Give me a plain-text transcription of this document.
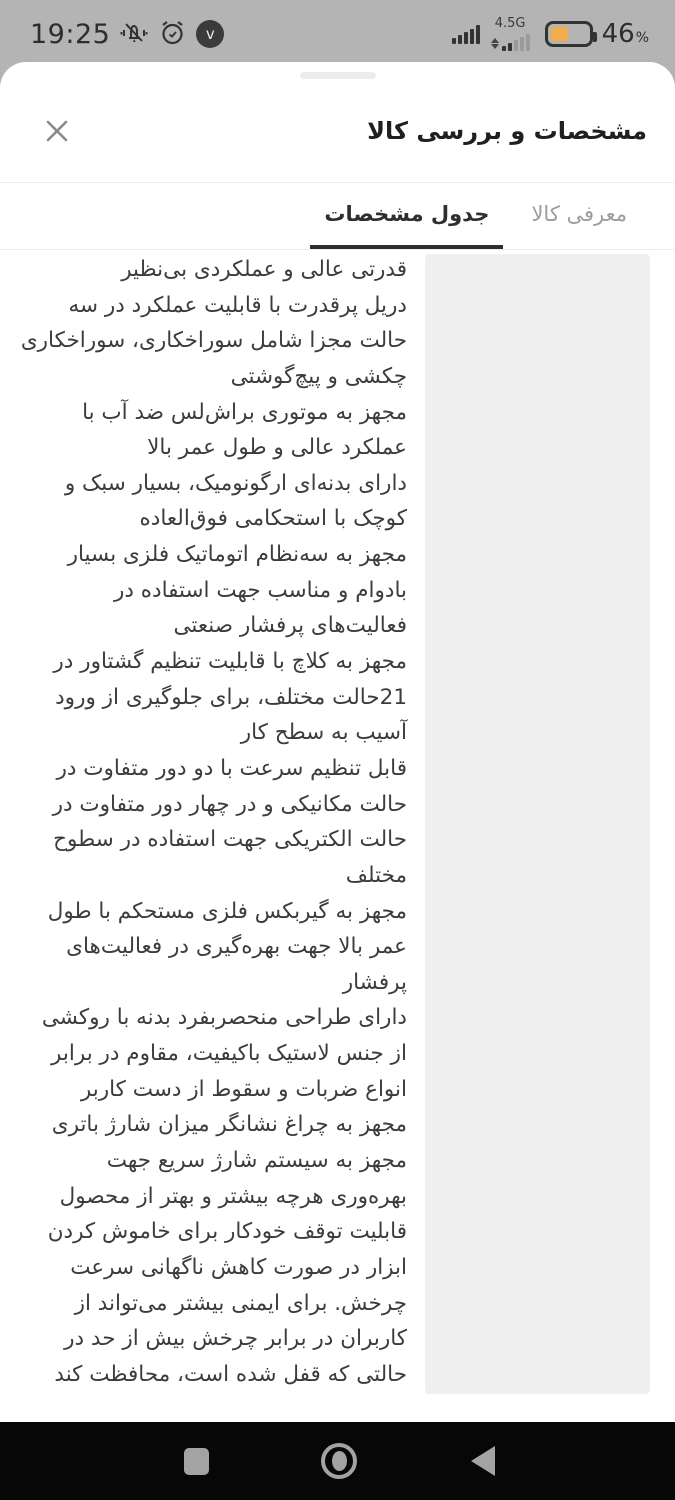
19:25	v
4.5G	46 %
مشخصات و بررسی کالا
معرفی کالا
جدول مشخصات
قدرتی عالی و عملکردی بی‌نظیر
دریل پرقدرت با قابلیت عملکرد در سه
حالت مجزا شامل سوراخکاری، سوراخکاری
چکشی و پیچ‌گوشتی
مجهز به موتوری براش‌لس ضد آب با
عملکرد عالی و طول عمر بالا
دارای بدنه‌ای ارگونومیک، بسیار سبک و
کوچک با استحکامی فوق‌العاده
مجهز به سه‌نظام اتوماتیک فلزی بسیار
بادوام و مناسب جهت استفاده در
فعالیت‌های پرفشار صنعتی
مجهز به کلاچ با قابلیت تنظیم گشتاور در
21حالت مختلف، برای جلوگیری از ورود
آسیب به سطح کار
قابل تنظیم سرعت با دو دور متفاوت در
حالت مکانیکی و در چهار دور متفاوت در
حالت الکتریکی جهت استفاده در سطوح
مختلف
مجهز به گیربکس فلزی مستحکم با طول
عمر بالا جهت بهره‌گیری در فعالیت‌های
پرفشار
دارای طراحی منحصربفرد بدنه با روکشی
از جنس لاستیک باکیفیت، مقاوم در برابر
انواع ضربات و سقوط از دست کاربر
مجهز به چراغ نشانگر میزان شارژ باتری
مجهز به سیستم شارژ سریع جهت
بهره‌وری هرچه بیشتر و بهتر از محصول
قابلیت توقف خودکار برای خاموش کردن
ابزار در صورت کاهش ناگهانی سرعت
چرخش. برای ایمنی بیشتر می‌تواند از
کاربران در برابر چرخش بیش از حد در
حالتی که قفل شده است، محافظت کند
